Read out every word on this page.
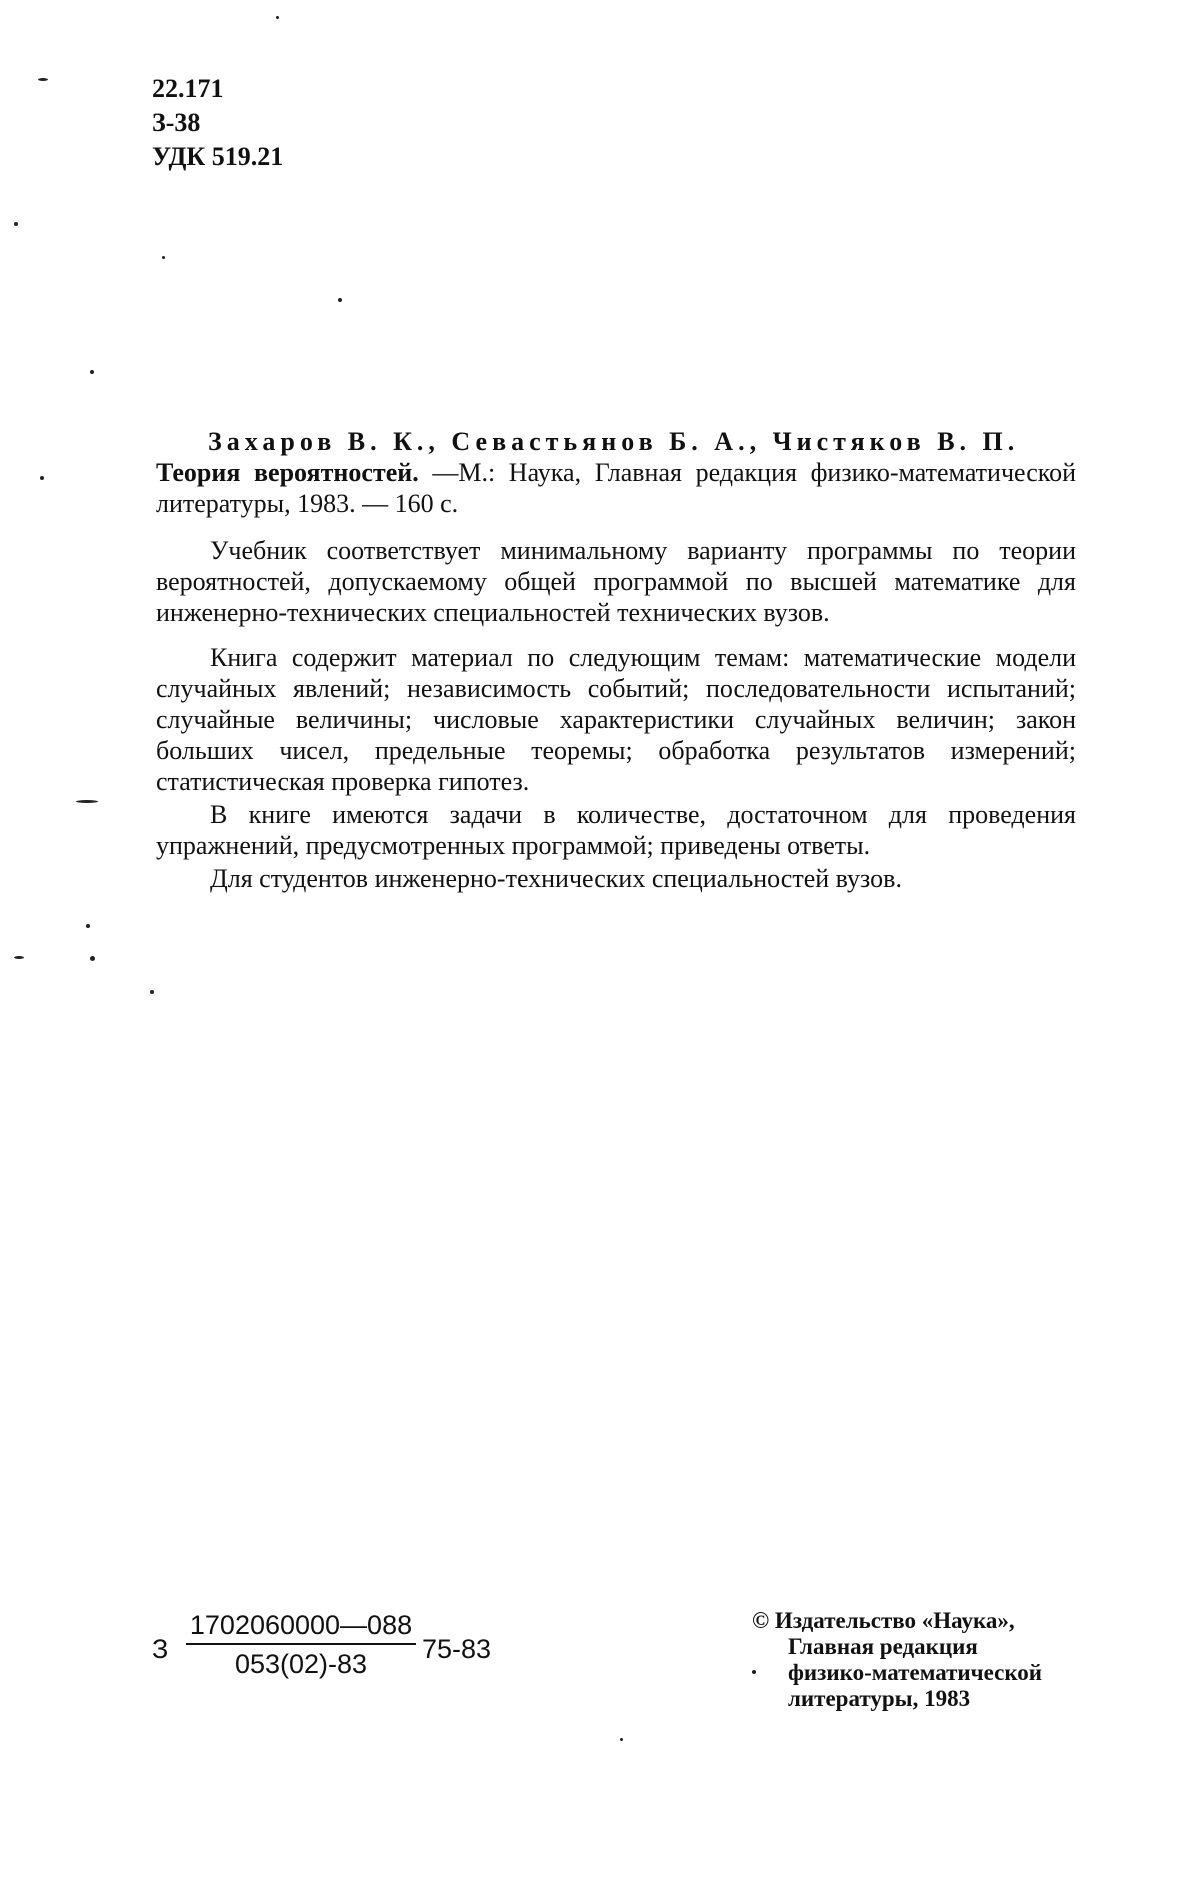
22.171
З-38
УДК 519.21
Захаров В. К., Севастьянов Б. А., Чистяков В. П.
Теория вероятностей. —М.: Наука, Главная редакция физико-математической литературы, 1983. — 160 с.

Учебник соответствует минимальному варианту программы по теории вероятностей, допускаемому общей программой по высшей математике для инженерно-технических специальностей технических вузов.

Книга содержит материал по следующим темам: математические модели случайных явлений; независимость событий; последовательности испытаний; случайные величины; числовые характеристики случайных величин; закон больших чисел, предельные теоремы; обработка результатов измерений; статистическая проверка гипотез.

В книге имеются задачи в количестве, достаточном для проведения упражнений, предусмотренных программой; приведены ответы.

Для студентов инженерно-технических специальностей вузов.

З $\frac{1702060000—088}{053(02)-83} 75-83$
© Издательство «Наука»,
Главная редакция
физико-математической
литературы, 1983
